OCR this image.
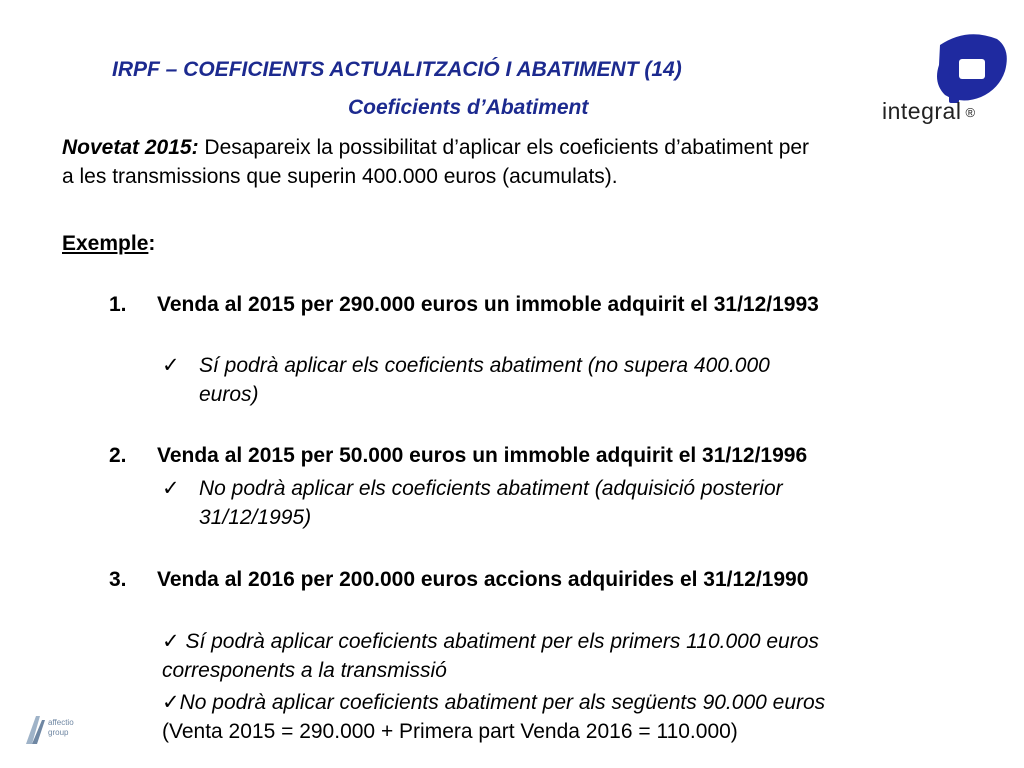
IRPF – COEFICIENTS ACTUALITZACIÓ I ABATIMENT (14)
Coeficients d’Abatiment	integral ®
Novetat 2015: Desapareix la possibilitat d’aplicar els coeficients d’abatiment per
a les transmissions que superin 400.000 euros (acumulats).
Exemple:
1. Venda al 2015 per 290.000 euros un immoble adquirit el 31/12/1993
✓ Sí podrà aplicar els coeficients abatiment (no supera 400.000
euros)
2. Venda al 2015 per 50.000 euros un immoble adquirit el 31/12/1996
✓ No podrà aplicar els coeficients abatiment (adquisició posterior
31/12/1995)
3. Venda al 2016 per 200.000 euros accions adquirides el 31/12/1990
✓ Sí podrà aplicar coeficients abatiment per els primers 110.000 euros
corresponents a la transmissió
✓No podrà aplicar coeficients abatiment per als següents 90.000 euros
(Venta 2015 = 290.000 + Primera part Venda 2016 = 110.000)
affectio
group
